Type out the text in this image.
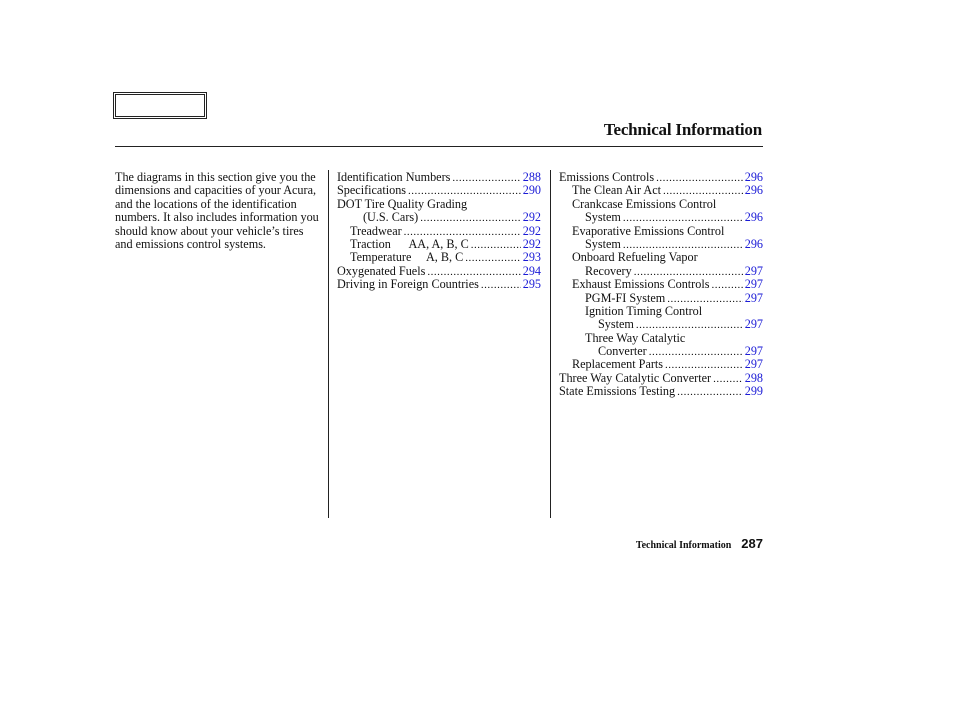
Technical Information
The diagrams in this section give you the dimensions and capacities of your Acura, and the locations of the identification numbers. It also includes information you should know about your vehicle’s tires and emissions control systems.
Identification Numbers .....	288
Specifications .....	290
DOT Tire Quality Grading
(U.S. Cars) .....	292
Treadwear .....	292
Traction      AA, A, B, C .....	292
Temperature     A, B, C .....	293
Oxygenated Fuels .....	294
Driving in Foreign Countries .....	295
Emissions Controls .....	296
The Clean Air Act .....	296
Crankcase Emissions Control
System .....	296
Evaporative Emissions Control
System .....	296
Onboard Refueling Vapor
Recovery .....	297
Exhaust Emissions Controls .....	297
PGM-FI System .....	297
Ignition Timing Control
System .....	297
Three Way Catalytic
Converter .....	297
Replacement Parts .....	297
Three Way Catalytic Converter .....	298
State Emissions Testing .....	299
Technical Information 287
